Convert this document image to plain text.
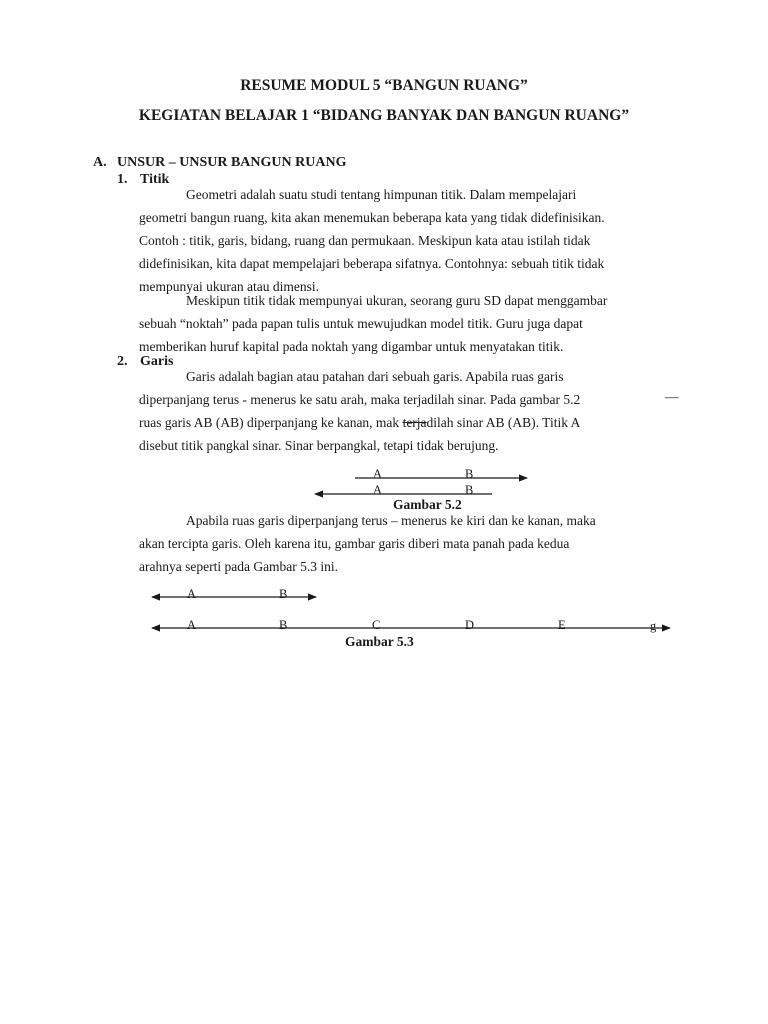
RESUME MODUL 5 “BANGUN RUANG”
KEGIATAN BELAJAR 1 “BIDANG BANYAK DAN BANGUN RUANG”
A. UNSUR – UNSUR BANGUN RUANG
1. Titik
Geometri adalah suatu studi tentang himpunan titik. Dalam mempelajari
geometri bangun ruang, kita akan menemukan beberapa kata yang tidak didefinisikan.
Contoh : titik, garis, bidang, ruang dan permukaan. Meskipun kata atau istilah tidak
didefinisikan, kita dapat mempelajari beberapa sifatnya. Contohnya: sebuah titik tidak
mempunyai ukuran atau dimensi.
Meskipun titik tidak mempunyai ukuran, seorang guru SD dapat menggambar
sebuah “noktah” pada papan tulis untuk mewujudkan model titik. Guru juga dapat
memberikan huruf kapital pada noktah yang digambar untuk menyatakan titik.
2. Garis
Garis adalah bagian atau patahan dari sebuah garis. Apabila ruas garis
diperpanjang terus - menerus ke satu arah, maka terjadilah sinar. Pada gambar 5.2	—
ruas garis AB (AB) diperpanjang ke kanan, mak terjadilah sinar AB (AB). Titik A
disebut titik pangkal sinar. Sinar berpangkal, tetapi tidak berujung.
A	B
A	B
Gambar 5.2
Apabila ruas garis diperpanjang terus – menerus ke kiri dan ke kanan, maka
akan tercipta garis. Oleh karena itu, gambar garis diberi mata panah pada kedua
arahnya seperti pada Gambar 5.3 ini.
A	B
A	B	C	D	E	g
Gambar 5.3
